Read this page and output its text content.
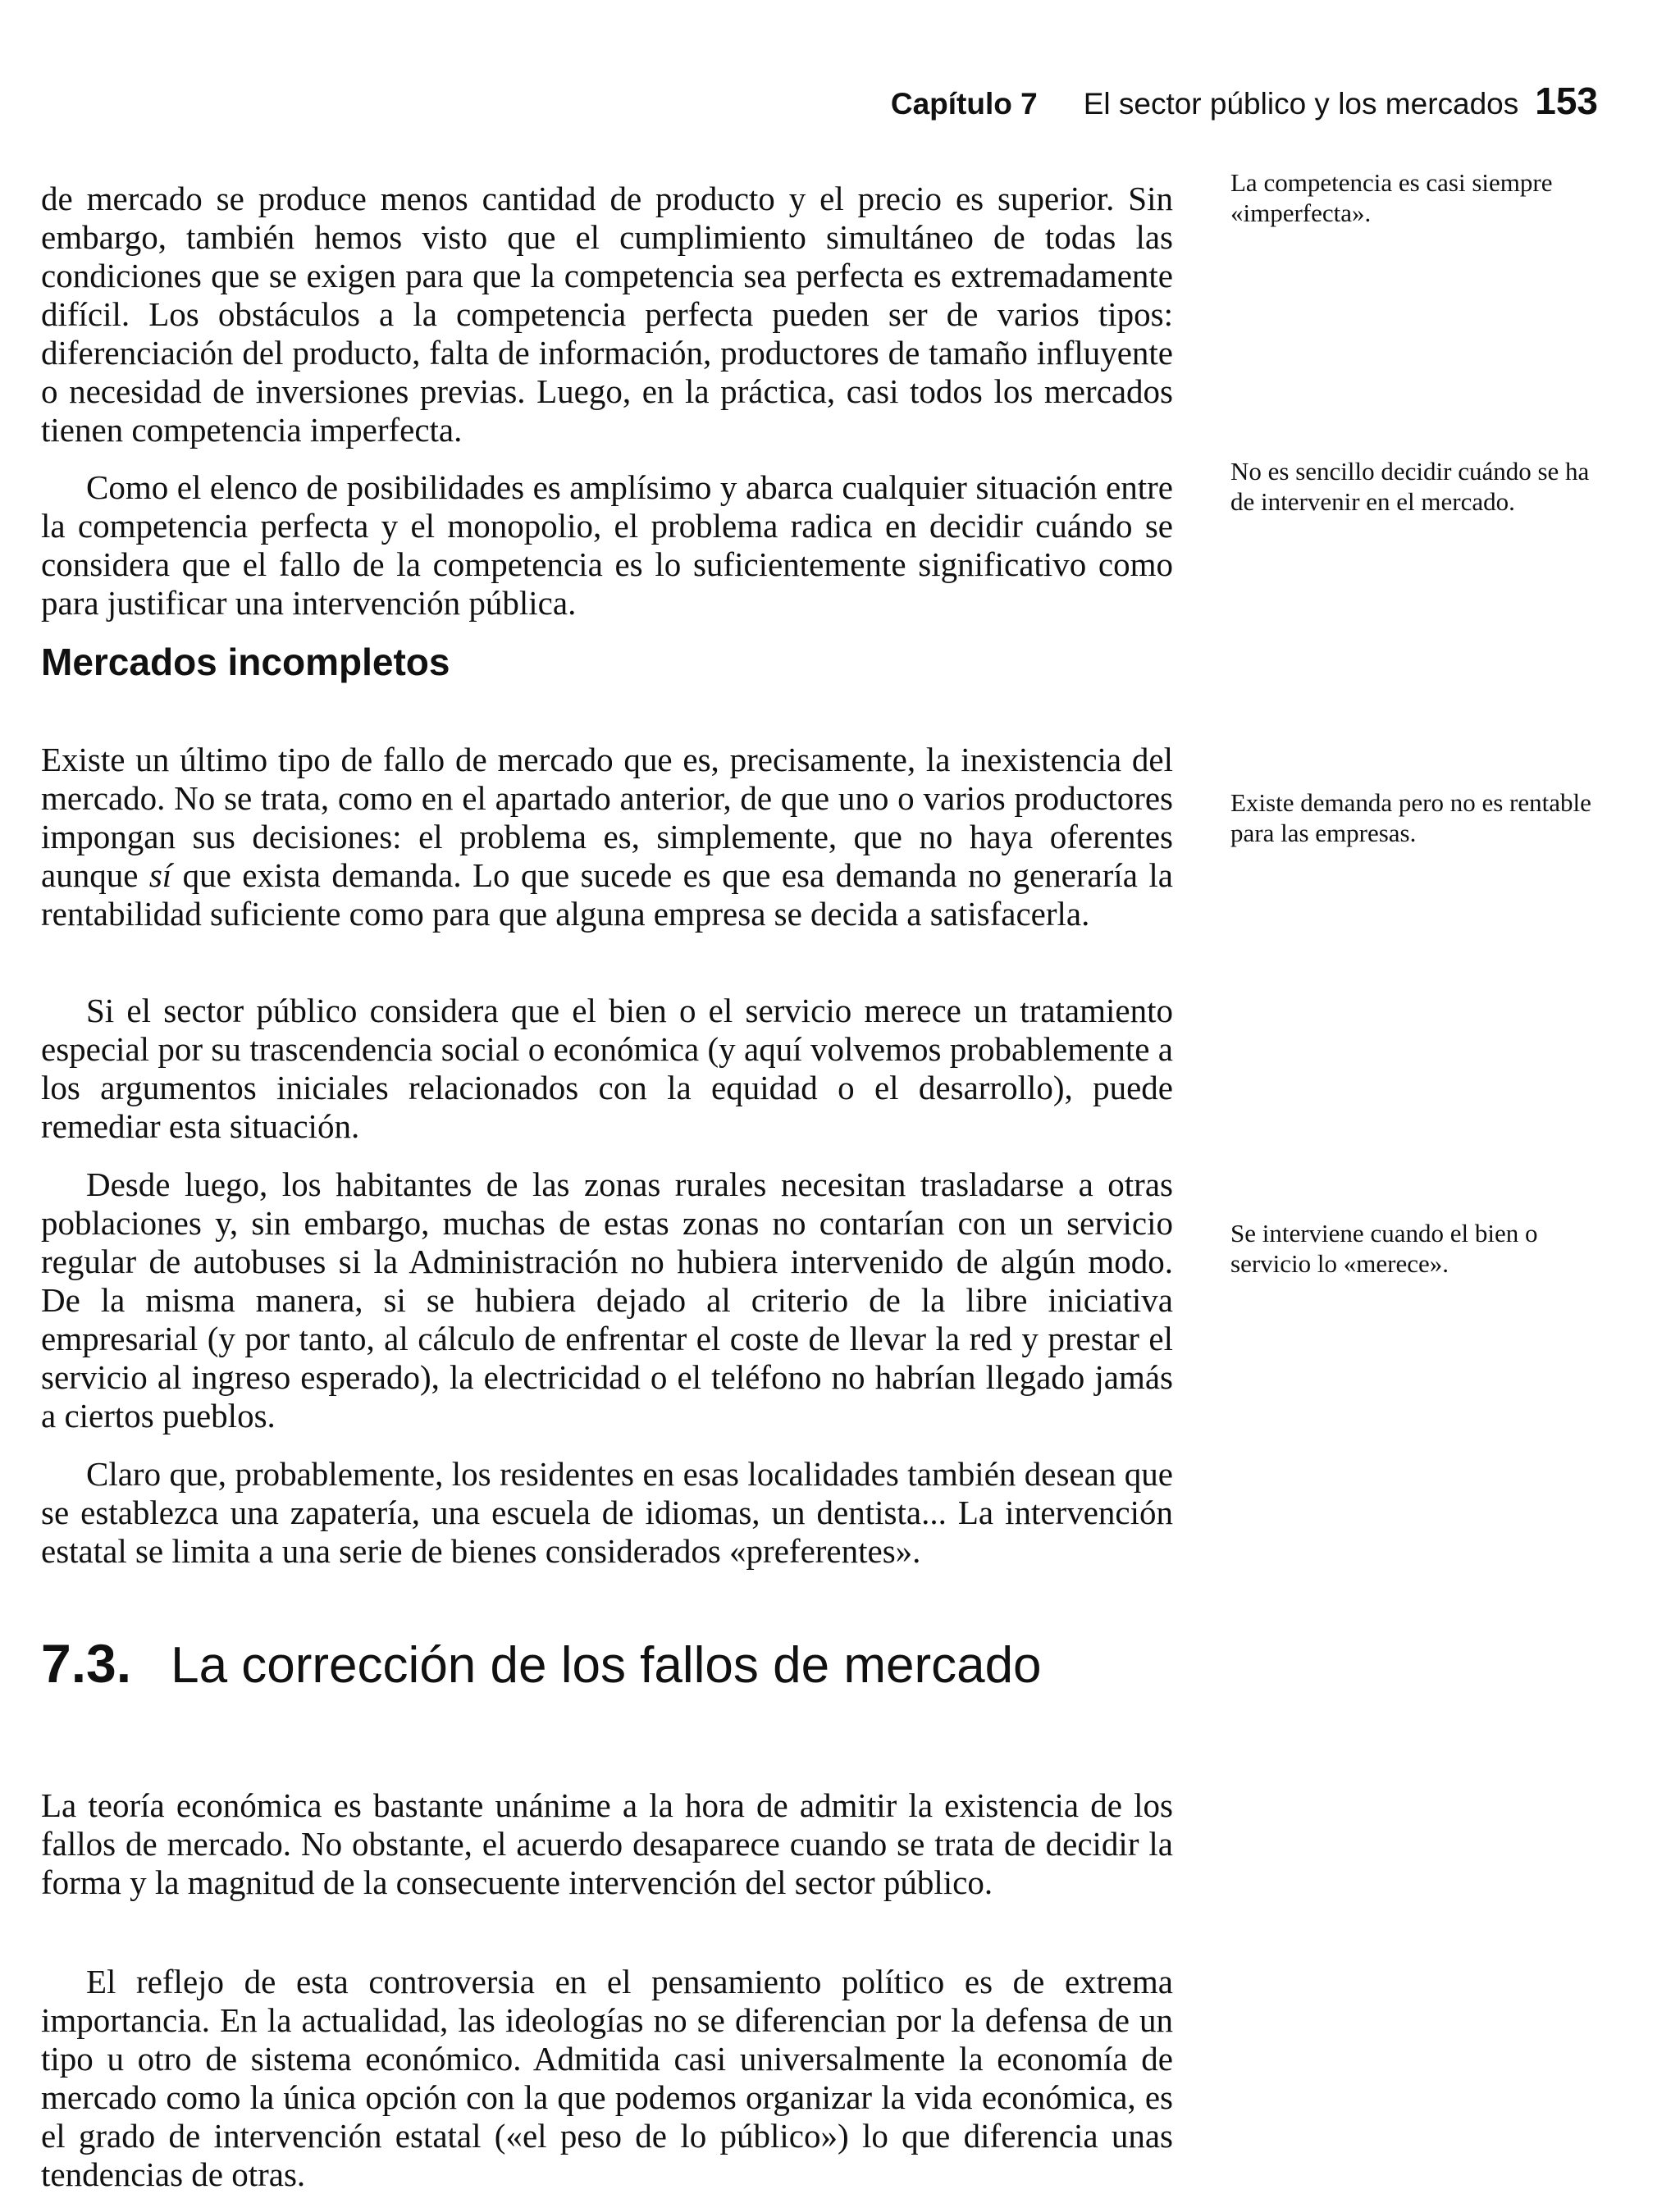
Capítulo 7 El sector público y los mercados 153

de mercado se produce menos cantidad de producto y el precio es superior. Sin embargo, también hemos visto que el cumplimiento simultáneo de todas las condiciones que se exigen para que la competencia sea perfecta es extremadamente difícil. Los obstáculos a la competencia perfecta pueden ser de varios tipos: diferenciación del producto, falta de información, productores de tamaño influyente o necesidad de inversiones previas. Luego, en la práctica, casi todos los mercados tienen competencia imperfecta.

Como el elenco de posibilidades es amplísimo y abarca cualquier situación entre la competencia perfecta y el monopolio, el problema radica en decidir cuándo se considera que el fallo de la competencia es lo suficientemente significativo como para justificar una intervención pública.

Mercados incompletos

Existe un último tipo de fallo de mercado que es, precisamente, la inexistencia del mercado. No se trata, como en el apartado anterior, de que uno o varios productores impongan sus decisiones: el problema es, simplemente, que no haya oferentes aunque sí que exista demanda. Lo que sucede es que esa demanda no generaría la rentabilidad suficiente como para que alguna empresa se decida a satisfacerla.

Si el sector público considera que el bien o el servicio merece un tratamiento especial por su trascendencia social o económica (y aquí volvemos probablemente a los argumentos iniciales relacionados con la equidad o el desarrollo), puede remediar esta situación.

Desde luego, los habitantes de las zonas rurales necesitan trasladarse a otras poblaciones y, sin embargo, muchas de estas zonas no contarían con un servicio regular de autobuses si la Administración no hubiera intervenido de algún modo. De la misma manera, si se hubiera dejado al criterio de la libre iniciativa empresarial (y por tanto, al cálculo de enfrentar el coste de llevar la red y prestar el servicio al ingreso esperado), la electricidad o el teléfono no habrían llegado jamás a ciertos pueblos.

Claro que, probablemente, los residentes en esas localidades también desean que se establezca una zapatería, una escuela de idiomas, un dentista... La intervención estatal se limita a una serie de bienes considerados «preferentes».

7.3. La corrección de los fallos de mercado

La teoría económica es bastante unánime a la hora de admitir la existencia de los fallos de mercado. No obstante, el acuerdo desaparece cuando se trata de decidir la forma y la magnitud de la consecuente intervención del sector público.

El reflejo de esta controversia en el pensamiento político es de extrema importancia. En la actualidad, las ideologías no se diferencian por la defensa de un tipo u otro de sistema económico. Admitida casi universalmente la economía de mercado como la única opción con la que podemos organizar la vida económica, es el grado de intervención estatal («el peso de lo público») lo que diferencia unas tendencias de otras.

La competencia es casi siempre «imperfecta».

No es sencillo decidir cuándo se ha de intervenir en el mercado.

Existe demanda pero no es rentable para las empresas.

Se interviene cuando el bien o servicio lo «merece».
